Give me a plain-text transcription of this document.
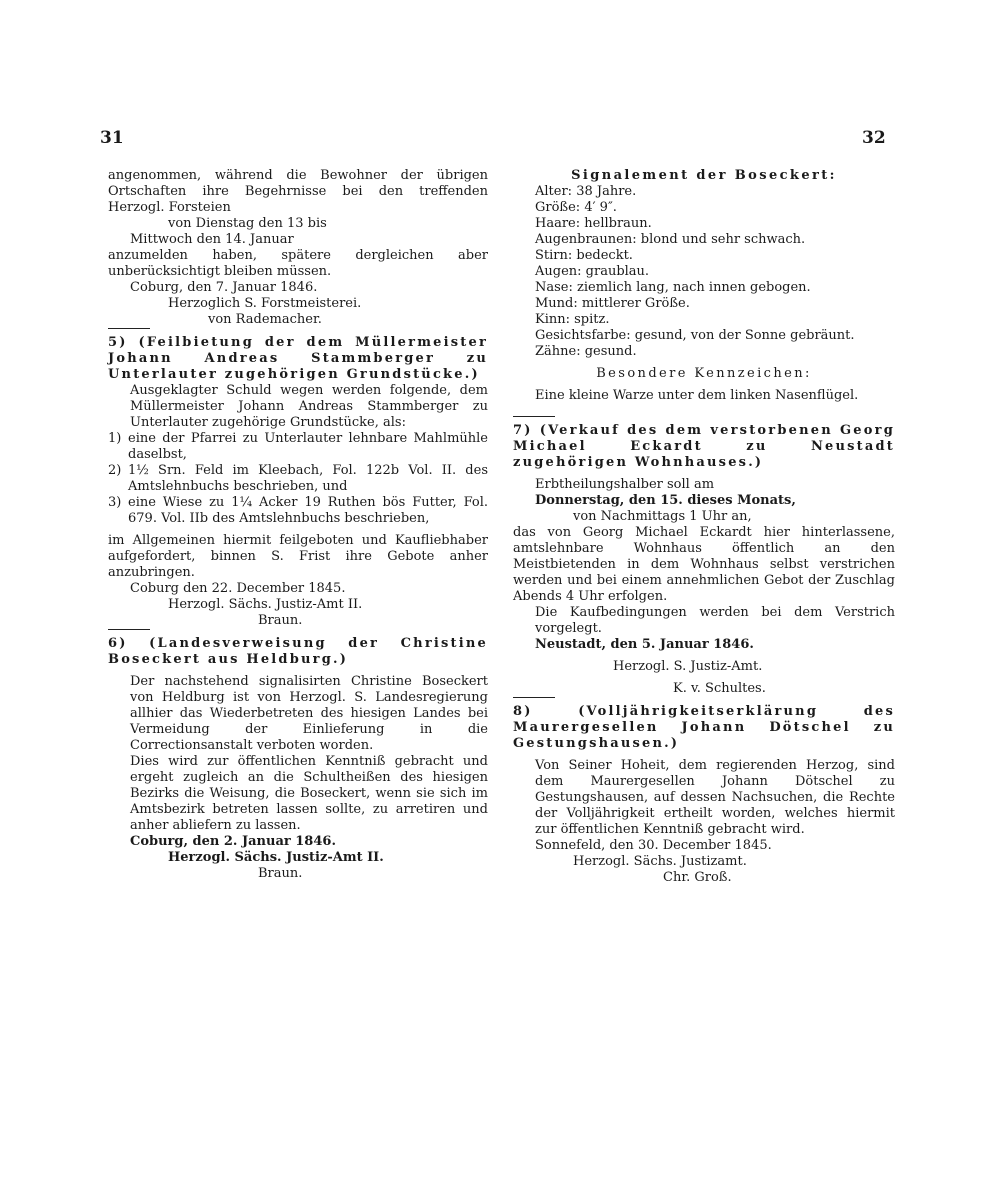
31	32

angenommen, während die Bewohner der übrigen Ortschaften ihre Begehrnisse bei den treffenden Herzogl. Forsteien

von Dienstag den 13 bis

Mittwoch den 14. Januar

anzumelden haben, spätere dergleichen aber unberücksichtigt bleiben müssen.

Coburg, den 7. Januar 1846.

Herzoglich S. Forstmeisterei.

von Rademacher.

5) (Feilbietung der dem Müllermeister Johann Andreas Stammberger zu Unterlauter zugehörigen Grundstücke.)

Ausgeklagter Schuld wegen werden folgende, dem Müllermeister Johann Andreas Stammberger zu Unterlauter zugehörige Grundstücke, als:

1) eine der Pfarrei zu Unterlauter lehnbare Mahlmühle daselbst,
2) 1½ Srn. Feld im Kleebach, Fol. 122b Vol. II. des Amtslehnbuchs beschrieben, und
3) eine Wiese zu 1¼ Acker 19 Ruthen bös Futter, Fol. 679. Vol. IIb des Amtslehnbuchs beschrieben,

im Allgemeinen hiermit feilgeboten und Kaufliebhaber aufgefordert, binnen S. Frist ihre Gebote anher anzubringen.

Coburg den 22. December 1845.

Herzogl. Sächs. Justiz-Amt II.

Braun.

6) (Landesverweisung der Christine Boseckert aus Heldburg.)

Der nachstehend signalisirten Christine Boseckert von Heldburg ist von Herzogl. S. Landesregierung allhier das Wiederbetreten des hiesigen Landes bei Vermeidung der Einlieferung in die Correctionsanstalt verboten worden.

Dies wird zur öffentlichen Kenntniß gebracht und ergeht zugleich an die Schultheißen des hiesigen Bezirks die Weisung, die Boseckert, wenn sie sich im Amtsbezirk betreten lassen sollte, zu arretiren und anher abliefern zu lassen.

Coburg, den 2. Januar 1846.

Herzogl. Sächs. Justiz-Amt II.

Braun.

Signalement der Boseckert:

Alter: 38 Jahre.

Größe: 4′ 9″.

Haare: hellbraun.

Augenbraunen: blond und sehr schwach.

Stirn: bedeckt.

Augen: graublau.

Nase: ziemlich lang, nach innen gebogen.

Mund: mittlerer Größe.

Kinn: spitz.

Gesichtsfarbe: gesund, von der Sonne gebräunt.

Zähne: gesund.

Besondere Kennzeichen:

Eine kleine Warze unter dem linken Nasenflügel.

7) (Verkauf des dem verstorbenen Georg Michael Eckardt zu Neustadt zugehörigen Wohnhauses.)

Erbtheilungshalber soll am

Donnerstag, den 15. dieses Monats,

von Nachmittags 1 Uhr an,

das von Georg Michael Eckardt hier hinterlassene, amtslehnbare Wohnhaus öffentlich an den Meistbietenden in dem Wohnhaus selbst verstrichen werden und bei einem annehmlichen Gebot der Zuschlag Abends 4 Uhr erfolgen.

Die Kaufbedingungen werden bei dem Verstrich vorgelegt.

Neustadt, den 5. Januar 1846.

Herzogl. S. Justiz-Amt.

K. v. Schultes.

8) (Volljährigkeitserklärung des Maurergesellen Johann Dötschel zu Gestungshausen.)

Von Seiner Hoheit, dem regierenden Herzog, sind dem Maurergesellen Johann Dötschel zu Gestungshausen, auf dessen Nachsuchen, die Rechte der Volljährigkeit ertheilt worden, welches hiermit zur öffentlichen Kenntniß gebracht wird.

Sonnefeld, den 30. December 1845.

Herzogl. Sächs. Justizamt.

Chr. Groß.
